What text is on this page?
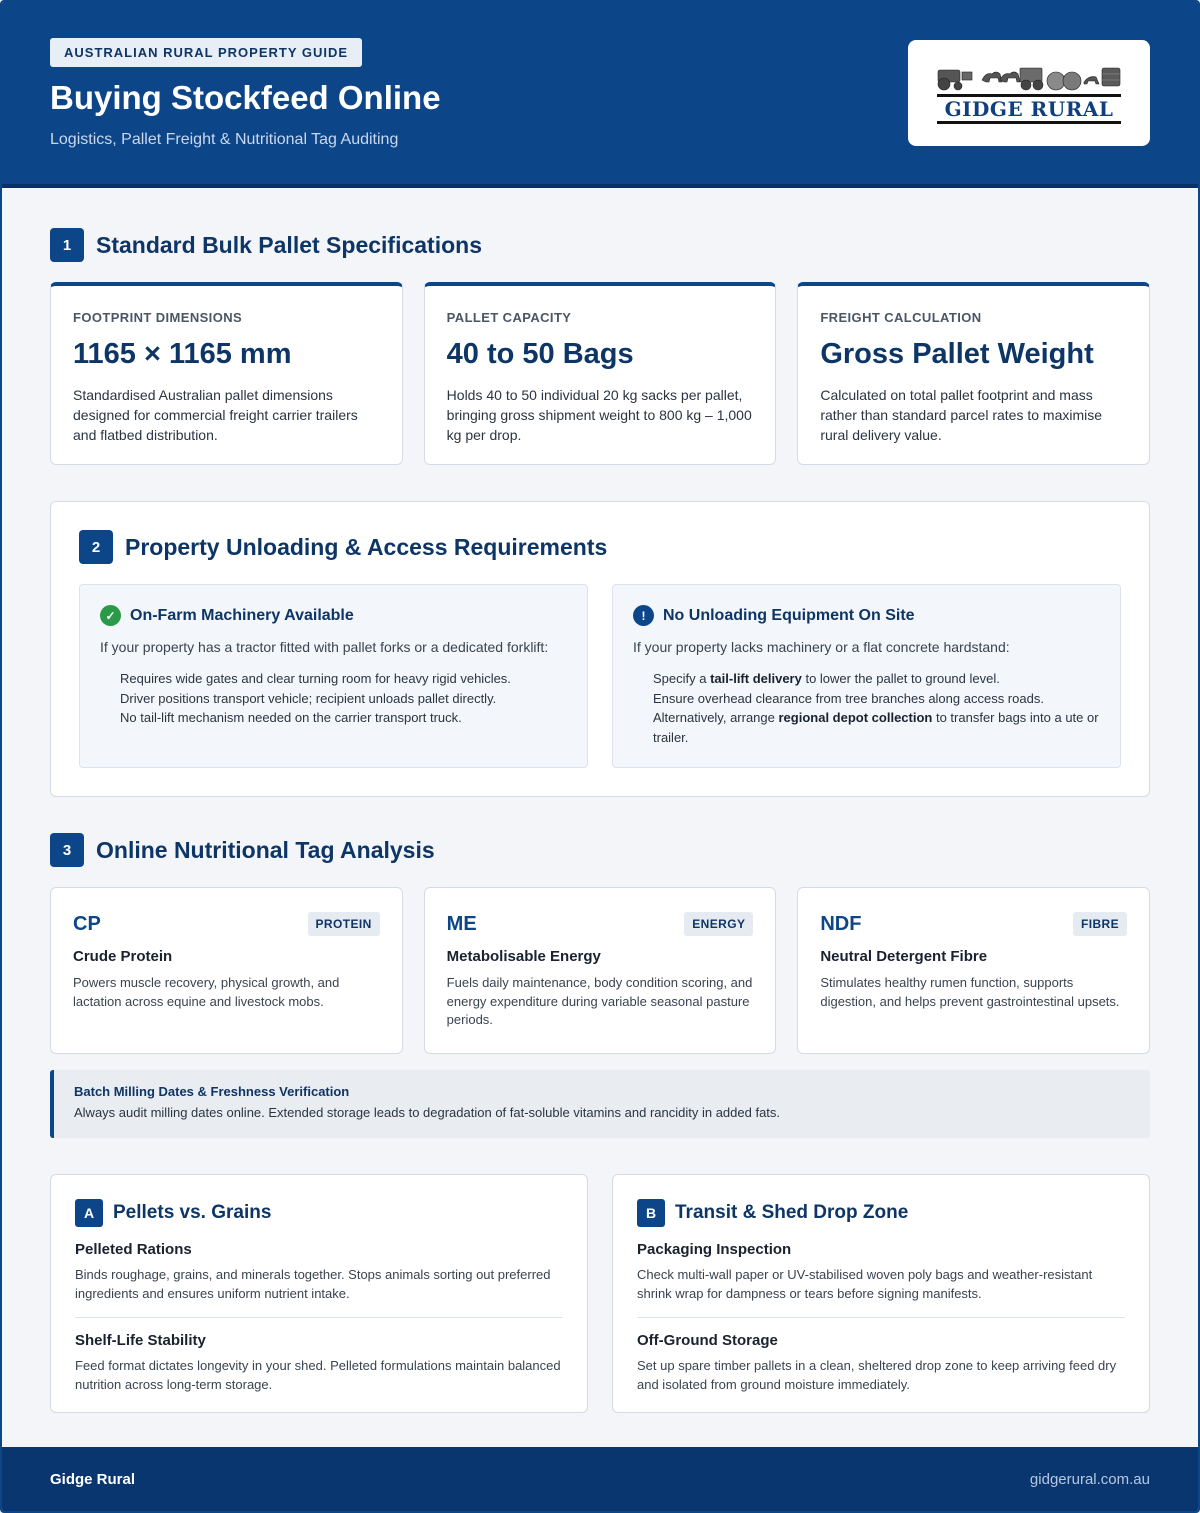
AUSTRALIAN RURAL PROPERTY GUIDE
Buying Stockfeed Online
Logistics, Pallet Freight & Nutritional Tag Auditing
GIDGE RURAL
1	Standard Bulk Pallet Specifications
FOOTPRINT DIMENSIONS
1165 × 1165 mm
Standardised Australian pallet dimensions designed for commercial freight carrier trailers and flatbed distribution.
PALLET CAPACITY
40 to 50 Bags
Holds 40 to 50 individual 20 kg sacks per pallet, bringing gross shipment weight to 800 kg – 1,000 kg per drop.
FREIGHT CALCULATION
Gross Pallet Weight
Calculated on total pallet footprint and mass rather than standard parcel rates to maximise rural delivery value.
2	Property Unloading & Access Requirements
✓ On-Farm Machinery Available
If your property has a tractor fitted with pallet forks or a dedicated forklift:
Requires wide gates and clear turning room for heavy rigid vehicles.
Driver positions transport vehicle; recipient unloads pallet directly.
No tail-lift mechanism needed on the carrier transport truck.
!	No Unloading Equipment On Site
If your property lacks machinery or a flat concrete hardstand:
Specify a tail-lift delivery to lower the pallet to ground level.
Ensure overhead clearance from tree branches along access roads.
Alternatively, arrange regional depot collection to transfer bags into a ute or trailer.
3	Online Nutritional Tag Analysis
CP	PROTEIN
Crude Protein
Powers muscle recovery, physical growth, and lactation across equine and livestock mobs.
ME	ENERGY
Metabolisable Energy
Fuels daily maintenance, body condition scoring, and energy expenditure during variable seasonal pasture periods.
NDF	FIBRE
Neutral Detergent Fibre
Stimulates healthy rumen function, supports digestion, and helps prevent gastrointestinal upsets.
Batch Milling Dates & Freshness Verification
Always audit milling dates online. Extended storage leads to degradation of fat-soluble vitamins and rancidity in added fats.
A Pellets vs. Grains
Pelleted Rations
Binds roughage, grains, and minerals together. Stops animals sorting out preferred ingredients and ensures uniform nutrient intake.
Shelf-Life Stability
Feed format dictates longevity in your shed. Pelleted formulations maintain balanced nutrition across long-term storage.
B Transit & Shed Drop Zone
Packaging Inspection
Check multi-wall paper or UV-stabilised woven poly bags and weather-resistant shrink wrap for dampness or tears before signing manifests.
Off-Ground Storage
Set up spare timber pallets in a clean, sheltered drop zone to keep arriving feed dry and isolated from ground moisture immediately.
Gidge Rural	gidgerural.com.au
